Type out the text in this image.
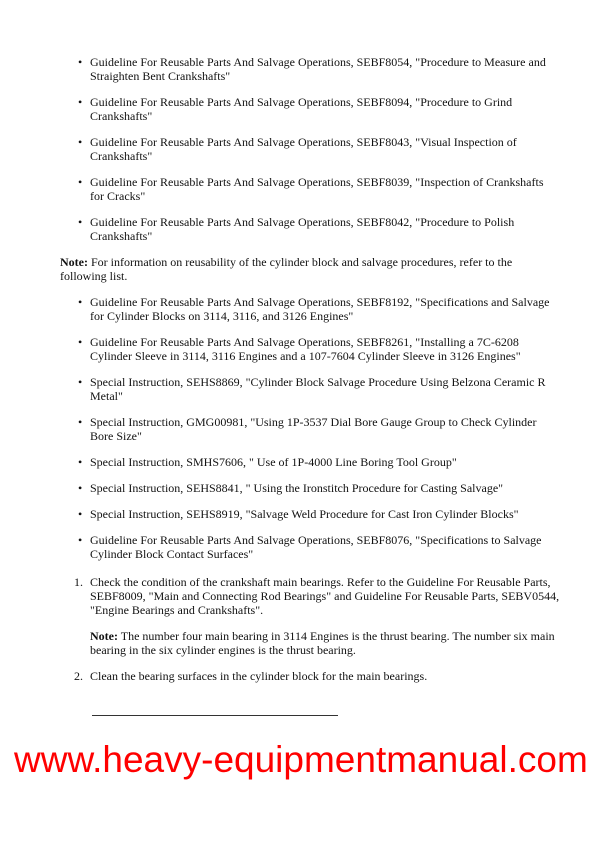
• Guideline For Reusable Parts And Salvage Operations, SEBF8054, "Procedure to Measure and Straighten Bent Crankshafts"
• Guideline For Reusable Parts And Salvage Operations, SEBF8094, "Procedure to Grind Crankshafts"
• Guideline For Reusable Parts And Salvage Operations, SEBF8043, "Visual Inspection of Crankshafts"
• Guideline For Reusable Parts And Salvage Operations, SEBF8039, "Inspection of Crankshafts for Cracks"
• Guideline For Reusable Parts And Salvage Operations, SEBF8042, "Procedure to Polish Crankshafts"
Note: For information on reusability of the cylinder block and salvage procedures, refer to the following list.
• Guideline For Reusable Parts And Salvage Operations, SEBF8192, "Specifications and Salvage for Cylinder Blocks on 3114, 3116, and 3126 Engines"
• Guideline For Reusable Parts And Salvage Operations, SEBF8261, "Installing a 7C-6208 Cylinder Sleeve in 3114, 3116 Engines and a 107-7604 Cylinder Sleeve in 3126 Engines"
• Special Instruction, SEHS8869, "Cylinder Block Salvage Procedure Using Belzona Ceramic R Metal"
• Special Instruction, GMG00981, "Using 1P-3537 Dial Bore Gauge Group to Check Cylinder Bore Size"
• Special Instruction, SMHS7606, " Use of 1P-4000 Line Boring Tool Group"
• Special Instruction, SEHS8841, " Using the Ironstitch Procedure for Casting Salvage"
• Special Instruction, SEHS8919, "Salvage Weld Procedure for Cast Iron Cylinder Blocks"
• Guideline For Reusable Parts And Salvage Operations, SEBF8076, "Specifications to Salvage Cylinder Block Contact Surfaces"
1. Check the condition of the crankshaft main bearings. Refer to the Guideline For Reusable Parts, SEBF8009, "Main and Connecting Rod Bearings" and Guideline For Reusable Parts, SEBV0544, "Engine Bearings and Crankshafts".
Note: The number four main bearing in 3114 Engines is the thrust bearing. The number six main bearing in the six cylinder engines is the thrust bearing.
2. Clean the bearing surfaces in the cylinder block for the main bearings.
www.heavy-equipmentmanual.com
